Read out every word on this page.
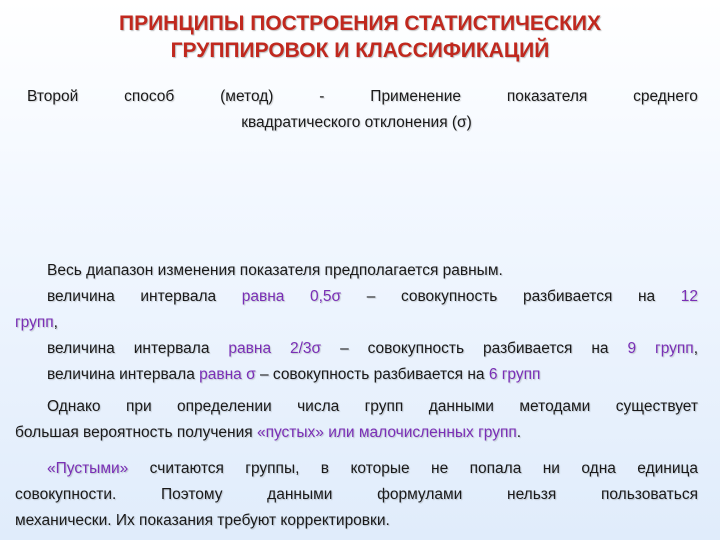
ПРИНЦИПЫ ПОСТРОЕНИЯ СТАТИСТИЧЕСКИХ
ГРУППИРОВОК И КЛАССИФИКАЦИЙ
Второй	способ	(метод)	-	Применение	показателя	среднего
квадратического отклонения (σ)
Весь диапазон изменения показателя предполагается равным.
величина интервала равна 0,5σ – совокупность разбивается на 12
групп,
величина интервала равна 2/3σ – совокупность разбивается на 9 групп,
величина интервала равна σ – совокупность разбивается на 6 групп
Однако при определении числа групп данными методами существует
большая вероятность получения «пустых» или малочисленных групп.
«Пустыми» считаются группы, в которые не попала ни одна единица
совокупности. Поэтому данными формулами нельзя пользоваться
механически. Их показания требуют корректировки.
